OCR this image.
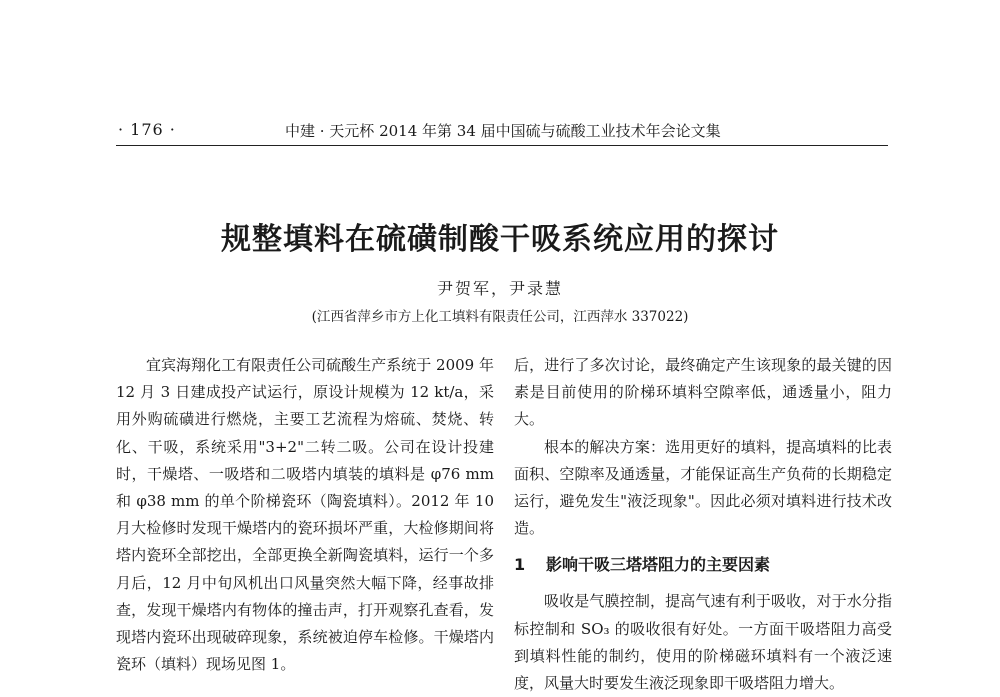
· 176 ·	中建 · 天元杯 2014 年第 34 届中国硫与硫酸工业技术年会论文集
规整填料在硫磺制酸干吸系统应用的探讨
尹贺军，尹录慧
(江西省萍乡市方上化工填料有限责任公司，江西萍水 337022)

宜宾海翔化工有限责任公司硫酸生产系统于 2009 年 12 月 3 日建成投产试运行，原设计规模为 12 kt/a，采用外购硫磺进行燃烧，主要工艺流程为熔硫、焚烧、转化、干吸，系统采用"3+2"二转二吸。公司在设计投建时，干燥塔、一吸塔和二吸塔内填装的填料是 φ76 mm 和 φ38 mm 的单个阶梯瓷环（陶瓷填料）。2012 年 10 月大检修时发现干燥塔内的瓷环损坏严重，大检修期间将塔内瓷环全部挖出，全部更换全新陶瓷填料，运行一个多月后，12 月中旬风机出口风量突然大幅下降，经事故排查，发现干燥塔内有物体的撞击声，打开观察孔查看，发现塔内瓷环出现破碎现象，系统被迫停车检修。干燥塔内瓷环（填料）现场见图 1。

后，进行了多次讨论，最终确定产生该现象的最关键的因素是目前使用的阶梯环填料空隙率低，通透量小，阻力大。

根本的解决方案：选用更好的填料，提高填料的比表面积、空隙率及通透量，才能保证高生产负荷的长期稳定运行，避免发生"液泛现象"。因此必须对填料进行技术改造。

1 影响干吸三塔塔阻力的主要因素

吸收是气膜控制，提高气速有利于吸收，对于水分指标控制和 SO₃ 的吸收很有好处。一方面干吸塔阻力高受到填料性能的制约，使用的阶梯磁环填料有一个液泛速度，风量大时要发生液泛现象即干吸塔阻力增大。
